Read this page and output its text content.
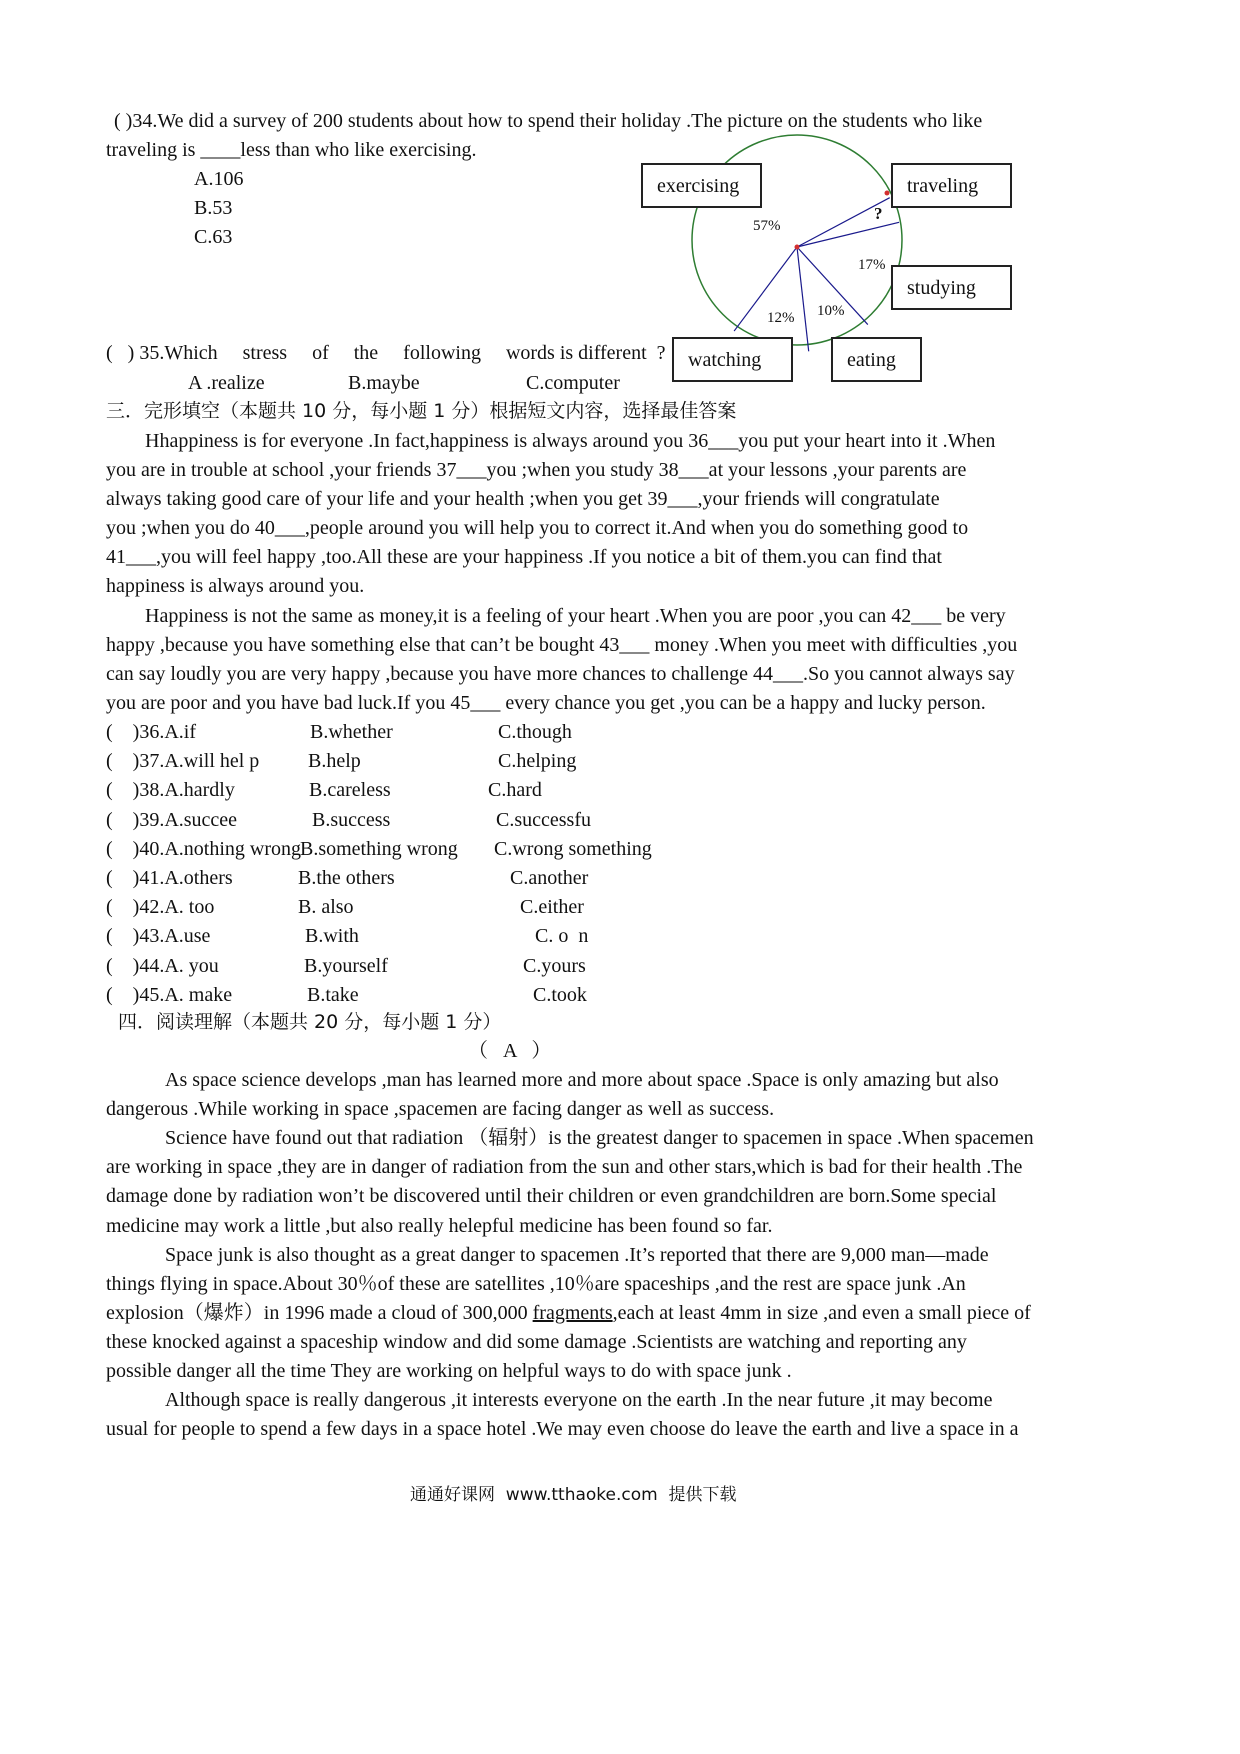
( )34.We did a survey of 200 students about how to spend their holiday .The picture on the students who like
traveling is ____less than who like exercising.
A.106
B.53
C.63
exercising	traveling
studying
watching	eating
57%
?
17%
10%
12%
(   ) 35.Which     stress     of     the     following     words is different  ?
A .realize	B.maybe	C.computer
三．完形填空（本题共 10 分，每小题 1 分）根据短文内容，选择最佳答案
Hhappiness is for everyone .In fact,happiness is always around you 36___you put your heart into it .When
you are in trouble at school ,your friends 37___you ;when you study 38___at your lessons ,your parents are
always taking good care of your life and your health ;when you get 39___,your friends will congratulate
you ;when you do 40___,people around you will help you to correct it.And when you do something good to
41___,you will feel happy ,too.All these are your happiness .If you notice a bit of them.you can find that
happiness is always around you.
Happiness is not the same as money,it is a feeling of your heart .When you are poor ,you can 42___ be very
happy ,because you have something else that can’t be bought 43___ money .When you meet with difficulties ,you
can say loudly you are very happy ,because you have more chances to challenge 44___.So you cannot always say
you are poor and you have bad luck.If you 45___ every chance you get ,you can be a happy and lucky person.
(    )36.A.if	B.whether	C.though
(    )37.A.will hel p B.help	C.helping
(    )38.A.hardly	B.careless	C.hard
(    )39.A.succee	B.success	C.successfu
(    )40.A.nothing wrong B.something wrong C.wrong something
(    )41.A.others	B.the others	C.another
(    )42.A. too	B. also	C.either
(    )43.A.use	B.with	C. o  n
(    )44.A. you	B.yourself	C.yours
(    )45.A. make	B.take	C.took
四．阅读理解（本题共 20 分，每小题 1 分）
（   A   ）
As space science develops ,man has learned more and more about space .Space is only amazing but also
dangerous .While working in space ,spacemen are facing danger as well as success.
Science have found out that radiation （辐射）is the greatest danger to spacemen in space .When spacemen
are working in space ,they are in danger of radiation from the sun and other stars,which is bad for their health .The
damage done by radiation won’t be discovered until their children or even grandchildren are born.Some special
medicine may work a little ,but also really helepful medicine has been found so far.
Space junk is also thought as a great danger to spacemen .It’s reported that there are 9,000 man—made
things flying in space.About 30％of these are satellites ,10％are spaceships ,and the rest are space junk .An
explosion（爆炸）in 1996 made a cloud of 300,000 fragments,each at least 4mm in size ,and even a small piece of
these knocked against a spaceship window and did some damage .Scientists are watching and reporting any
possible danger all the time They are working on helpful ways to do with space junk .
Although space is really dangerous ,it interests everyone on the earth .In the near future ,it may become
usual for people to spend a few days in a space hotel .We may even choose do leave the earth and live a space in a
通通好课网  www.tthaoke.com  提供下载
